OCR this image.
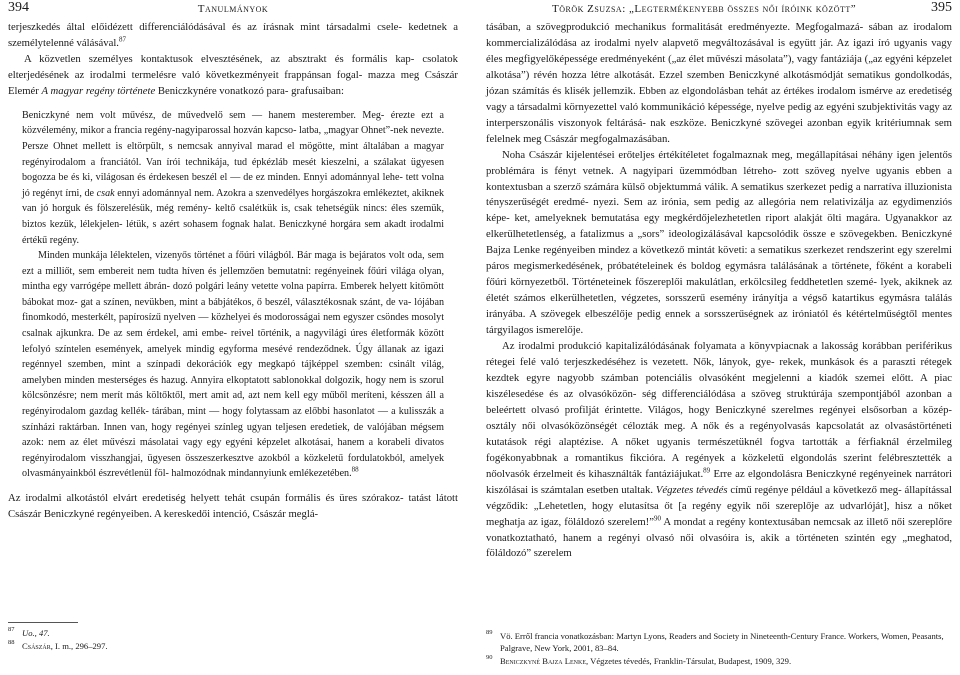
394	Tanulmányok

terjeszkedés által előidézett differenciálódásával és az írásnak mint társadalmi csele- kedetnek a személytelenné válásával.$^{87}$

A közvetlen személyes kontaktusok elvesztésének, az absztrakt és formális kap- csolatok elterjedésének az irodalmi termelésre való következményeit frappánsan fogal- mazza meg Császár Elemér A magyar regény története Beniczkynére vonatkozó para- grafusaiban:

Beniczkyné nem volt művész, de művedvelő sem — hanem mesterember. Meg- érezte ezt a közvélemény, mikor a francia regény-nagyiparossal hozván kapcso- latba, „magyar Ohnet”-nek nevezte. Persze Ohnet mellett is eltörpült, s nemcsak annyival marad el mögötte, mint általában a magyar regényirodalom a franciától. Van írói technikája, tud épkézláb mesét kieszelni, a szálakat ügyesen bogozza be és ki, világosan és érdekesen beszél el — de ez minden. Ennyi adománnyal lehe- tett volna jó regényt írni, de csak ennyi adománnyal nem. Azokra a szenvedélyes horgászokra emlékeztet, akiknek van jó horguk és fölszerelésük, még remény- keltő csalétkük is, csak tehetségük nincs: éles szemük, biztos kezük, lélekjelen- létük, s azért sohasem fognak halat. Beniczkyné horgára sem akadt irodalmi értékű regény.

Minden munkája lélektelen, vizenyős történet a főúri világból. Bár maga is bejáratos volt oda, sem ezt a milliőt, sem embereit nem tudta híven és jellemzően bemutatni: regényeinek főúri világa olyan, mintha egy varrógépe mellett ábrán- dozó polgári leány vetette volna papírra. Emberek helyett kitömött bábokat moz- gat a színen, nevükben, mint a bábjátékos, ő beszél, választékosnak szánt, de va- lójában finomkodó, mesterkélt, papírosízű nyelven — közhelyei és modorosságai nem egyszer csöndes mosolyt csalnak ajkunkra. De az sem érdekel, ami embe- reivel történik, a nagyvilági úres életformák között lefolyó színtelen események, amelyek mindig egyforma mesévé rendeződnek. Úgy állanak az igazi regénnyel szemben, mint a színpadi dekorációk egy megkapó tájképpel szemben: csinált világ, amelyben minden mesterséges és hazug. Annyira elkoptatott sablonokkal dolgozik, hogy nem is szorul kölcsönzésre; nem merít más költőktől, mert amit ad, azt nem kell egy műből meríteni, késszen áll a regényirodalom gazdag kellék- tárában, mint — hogy folytassam az előbbi hasonlatot — a kulisszák a színházi raktárban. Innen van, hogy regényei színleg ugyan teljesen eredetiek, de valójában mégsem azok: nem az élet művészi másolatai vagy egy egyéni képzelet alkotásai, hanem a korabeli divatos regényirodalom visszhangjai, ügyesen összeszerkesztve azokból a közkeletű fordulatokból, amelyek olvasmányainkból észrevétlenül föl- halmozódnak mindannyiunk emlékezetében.$^{88}$

Az irodalmi alkotástól elvárt eredetiség helyett tehát csupán formális és üres szórakoz- tatást látott Császár Beniczkyné regényeiben. A kereskedői intenció, Császár meglá-

87 Uo., 47.
88 Császár, I. m., 296–297.
Török Zsuzsa: „Legtermékenyebb összes női íróink között”	395

tásában, a szövegprodukció mechanikus formalitását eredményezte. Megfogalmazá- sában az irodalom kommercializálódása az irodalmi nyelv alapvető megváltozásával is együtt jár. Az igazi író ugyanis vagy éles megfigyelőképessége eredményeként („az élet művészi másolata”), vagy fantáziája („az egyéni képzelet alkotása”) révén hozza létre alkotását. Ezzel szemben Beniczkyné alkotásmódját sematikus gondolkodás, józan számítás és klisék jellemzik. Ebben az elgondolásban tehát az értékes irodalom ismérve az eredetiség vagy a társadalmi környezettel való kommunikáció képessége, nyelve pedig az egyéni szubjektivitás vagy az interperszonális viszonyok feltárásá- nak eszköze. Beniczkyné szövegei azonban egyik kritériumnak sem felelnek meg Császár megfogalmazásában.

Noha Császár kijelentései erőteljes értékítéletet fogalmaznak meg, megállapításai néhány igen jelentős problémára is fényt vetnek. A nagyipari üzemmódban létreho- zott szöveg nyelve ugyanis ebben a kontextusban a szerző számára külső objektummá válik. A sematikus szerkezet pedig a narratíva illuzionista tényszerűségét eredmé- nyezi. Sem az irónia, sem pedig az allegória nem relativizálja az egydimenziós képe- ket, amelyeknek bemutatása egy megkérdőjelezhetetlen riport alakját ölti magára. Ugyanakkor az elkerülhetetlenség, a fatalizmus a „sors” ideologizálásával kapcsolódik össze e szövegekben. Beniczkyné Bajza Lenke regényeiben mindez a következő mintát követi: a sematikus szerkezet rendszerint egy szerelmi páros megismerkedésének, próbatételeinek és boldog egymásra találásának a története, főként a korabeli főúri környezetből. Történeteinek főszereplői makulátlan, erkölcsileg feddhetetlen szemé- lyek, akiknek az életét számos elkerülhetetlen, végzetes, sorsszerű esemény irányítja a végső katartikus egymásra találás irányába. A szövegek elbeszélője pedig ennek a sorsszerűségnek az iróniatól és kétértelműségtől mentes tárgyilagos ismerelője.

Az irodalmi produkció kapitalizálódásának folyamata a könyvpiacnak a lakosság korábban periférikus rétegei felé való terjeszkedéséhez is vezetett. Nők, lányok, gye- rekek, munkások és a paraszti rétegek kezdtek egyre nagyobb számban potenciális olvasóként megjelenni a kiadók szemei előtt. A piac kiszélesedése és az olvasóközön- ség differenciálódása a szöveg struktúrája szempontjából azonban a beleértett olvasó profilját érintette. Világos, hogy Beniczkyné szerelmes regényei elsősorban a közép- osztály női olvasóközönségét célozták meg. A nők és a regényolvasás kapcsolatát az olvasástörténeti kutatások régi alaptézise. A nőket ugyanis természetüknél fogva tartották a férfiaknál érzelmileg fogékonyabbnak a romantikus fikcióra. A regények a közkeletű elgondolás szerint felébresztették a nőolvasók érzelmeit és kihasználták fantáziájukat.$^{89}$ Erre az elgondolásra Beniczkyné regényeinek narrátori kiszólásai is számtalan esetben utaltak. Végzetes tévedés című regénye például a következő meg- állapítással végződik: „Lehetetlen, hogy elutasítsa őt [a regény egyik női szereplője az udvarlóját], hisz a nőket meghatja az igaz, föláldozó szerelem!”$^{90}$ A mondat a regény kontextusában nemcsak az illető női szereplőre vonatkoztatható, hanem a regényi olvasó női olvasóira is, akik a történeten szintén egy „meghatod, föláldozó” szerelem

89 Vö. Erről francia vonatkozásban: Martyn Lyons, Readers and Society in Nineteenth-Century France. Workers, Women, Peasants, Palgrave, New York, 2001, 83–84.
90 Beniczkyné Bajza Lenke, Végzetes tévedés, Franklin-Társulat, Budapest, 1909, 329.
